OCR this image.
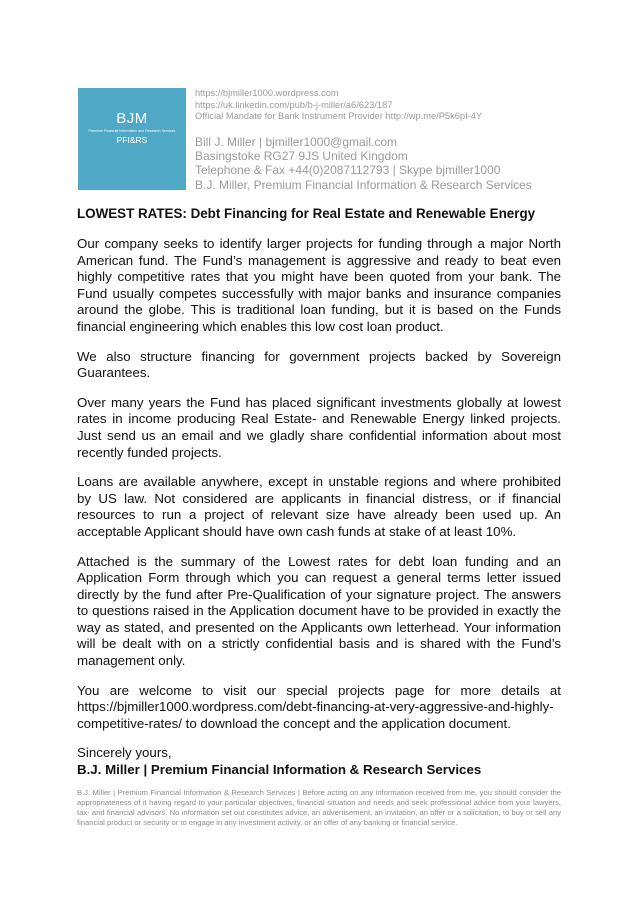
BJM
Premium Financial Information and Research Services
PFI&RS
https://bjmiller1000.wordpress.com
https://uk.linkedin.com/pub/b-j-miller/a6/623/187
Official Mandate for Bank Instrument Provider http://wp.me/P5k6pI-4Y
Bill J. Miller | bjmiller1000@gmail.com
Basingstoke RG27 9JS United Kingdom
Telephone & Fax +44(0)2087112793 | Skype bjmiller1000
B.J. Miller, Premium Financial Information & Research Services

LOWEST RATES: Debt Financing for Real Estate and Renewable Energy

Our company seeks to identify larger projects for funding through a major North American fund. The Fund’s management is aggressive and ready to beat even highly competitive rates that you might have been quoted from your bank. The Fund usually competes successfully with major banks and insurance companies around the globe. This is traditional loan funding, but it is based on the Funds financial engineering which enables this low cost loan product.

We also structure financing for government projects backed by Sovereign Guarantees.

Over many years the Fund has placed significant investments globally at lowest rates in income producing Real Estate- and Renewable Energy linked projects. Just send us an email and we gladly share confidential information about most recently funded projects.

Loans are available anywhere, except in unstable regions and where prohibited by US law. Not considered are applicants in financial distress, or if financial resources to run a project of relevant size have already been used up. An acceptable Applicant should have own cash funds at stake of at least 10%.

Attached is the summary of the Lowest rates for debt loan funding and an Application Form through which you can request a general terms letter issued directly by the fund after Pre-Qualification of your signature project. The answers to questions raised in the Application document have to be provided in exactly the way as stated, and presented on the Applicants own letterhead. Your information will be dealt with on a strictly confidential basis and is shared with the Fund’s management only.

You are welcome to visit our special projects page for more details at https://bjmiller1000.wordpress.com/debt-financing-at-very-aggressive-and-highly-competitive-rates/ to download the concept and the application document.

Sincerely yours,

B.J. Miller | Premium Financial Information & Research Services

B.J. Miller | Premium Financial Information & Research Services | Before acting on any information received from me, you should consider the appropriateness of it having regard to your particular objectives, financial situation and needs and seek professional advice from your lawyers, tax- and financial advisors. No information set out constitutes advice, an advertisement, an invitation, an offer or a solicitation, to buy or sell any financial product or security or to engage in any investment activity, or an offer of any banking or financial service.
